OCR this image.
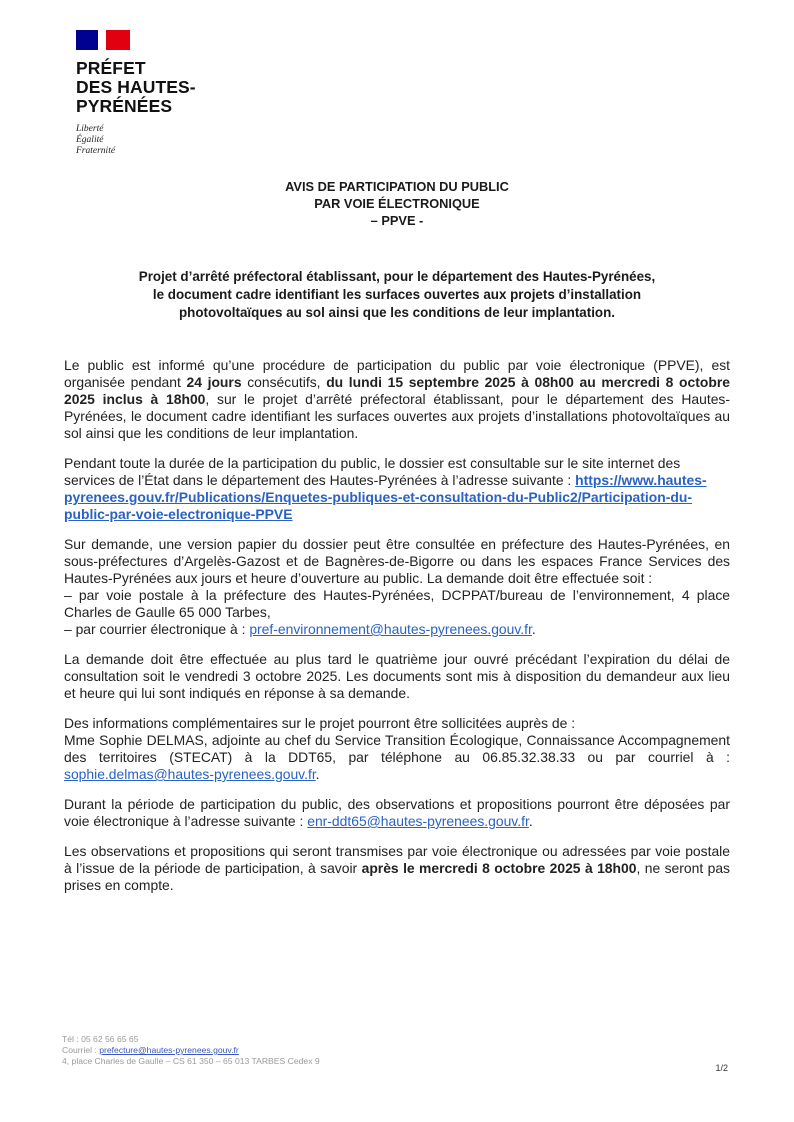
PRÉFET
DES HAUTES-
PYRÉNÉES
Liberté
Égalité
Fraternité
AVIS DE PARTICIPATION DU PUBLIC
PAR VOIE ÉLECTRONIQUE
– PPVE -
Projet d’arrêté préfectoral établissant, pour le département des Hautes-Pyrénées,
le document cadre identifiant les surfaces ouvertes aux projets d’installation
photovoltaïques au sol ainsi que les conditions de leur implantation.

Le public est informé qu’une procédure de participation du public par voie électronique (PPVE), est organisée pendant 24 jours consécutifs, du lundi 15 septembre 2025 à 08h00 au mercredi 8 octobre 2025 inclus à 18h00, sur le projet d’arrêté préfectoral établissant, pour le département des Hautes-Pyrénées, le document cadre identifiant les surfaces ouvertes aux projets d’installations photovoltaïques au sol ainsi que les conditions de leur implantation.

Pendant toute la durée de la participation du public, le dossier est consultable sur le site internet des services de l’État dans le département des Hautes-Pyrénées à l’adresse suivante : https://www.hautes-pyrenees.gouv.fr/Publications/Enquetes-publiques-et-consultation-du-Public2/Participation-du-public-par-voie-electronique-PPVE

Sur demande, une version papier du dossier peut être consultée en préfecture des Hautes-Pyrénées, en sous-préfectures d’Argelès-Gazost et de Bagnères-de-Bigorre ou dans les espaces France Services des Hautes-Pyrénées aux jours et heure d’ouverture au public. La demande doit être effectuée soit :

– par voie postale à la préfecture des Hautes-Pyrénées, DCPPAT/bureau de l’environnement, 4 place Charles de Gaulle 65 000 Tarbes,

– par courrier électronique à : pref-environnement@hautes-pyrenees.gouv.fr.

La demande doit être effectuée au plus tard le quatrième jour ouvré précédant l’expiration du délai de consultation soit le vendredi 3 octobre 2025. Les documents sont mis à disposition du demandeur aux lieu et heure qui lui sont indiqués en réponse à sa demande.

Des informations complémentaires sur le projet pourront être sollicitées auprès de :
Mme Sophie DELMAS, adjointe au chef du Service Transition Écologique, Connaissance Accompagnement des territoires (STECAT) à la DDT65, par téléphone au 06.85.32.38.33 ou par courriel à : sophie.delmas@hautes-pyrenees.gouv.fr.

Durant la période de participation du public, des observations et propositions pourront être déposées par voie électronique à l’adresse suivante : enr-ddt65@hautes-pyrenees.gouv.fr.

Les observations et propositions qui seront transmises par voie électronique ou adressées par voie postale à l’issue de la période de participation, à savoir après le mercredi 8 octobre 2025 à 18h00, ne seront pas prises en compte.

Tél : 05 62 56 65 65
Courriel : prefecture@hautes-pyrenees.gouv.fr
4, place Charles de Gaulle – CS 61 350 – 65 013 TARBES Cedex 9
1/2
